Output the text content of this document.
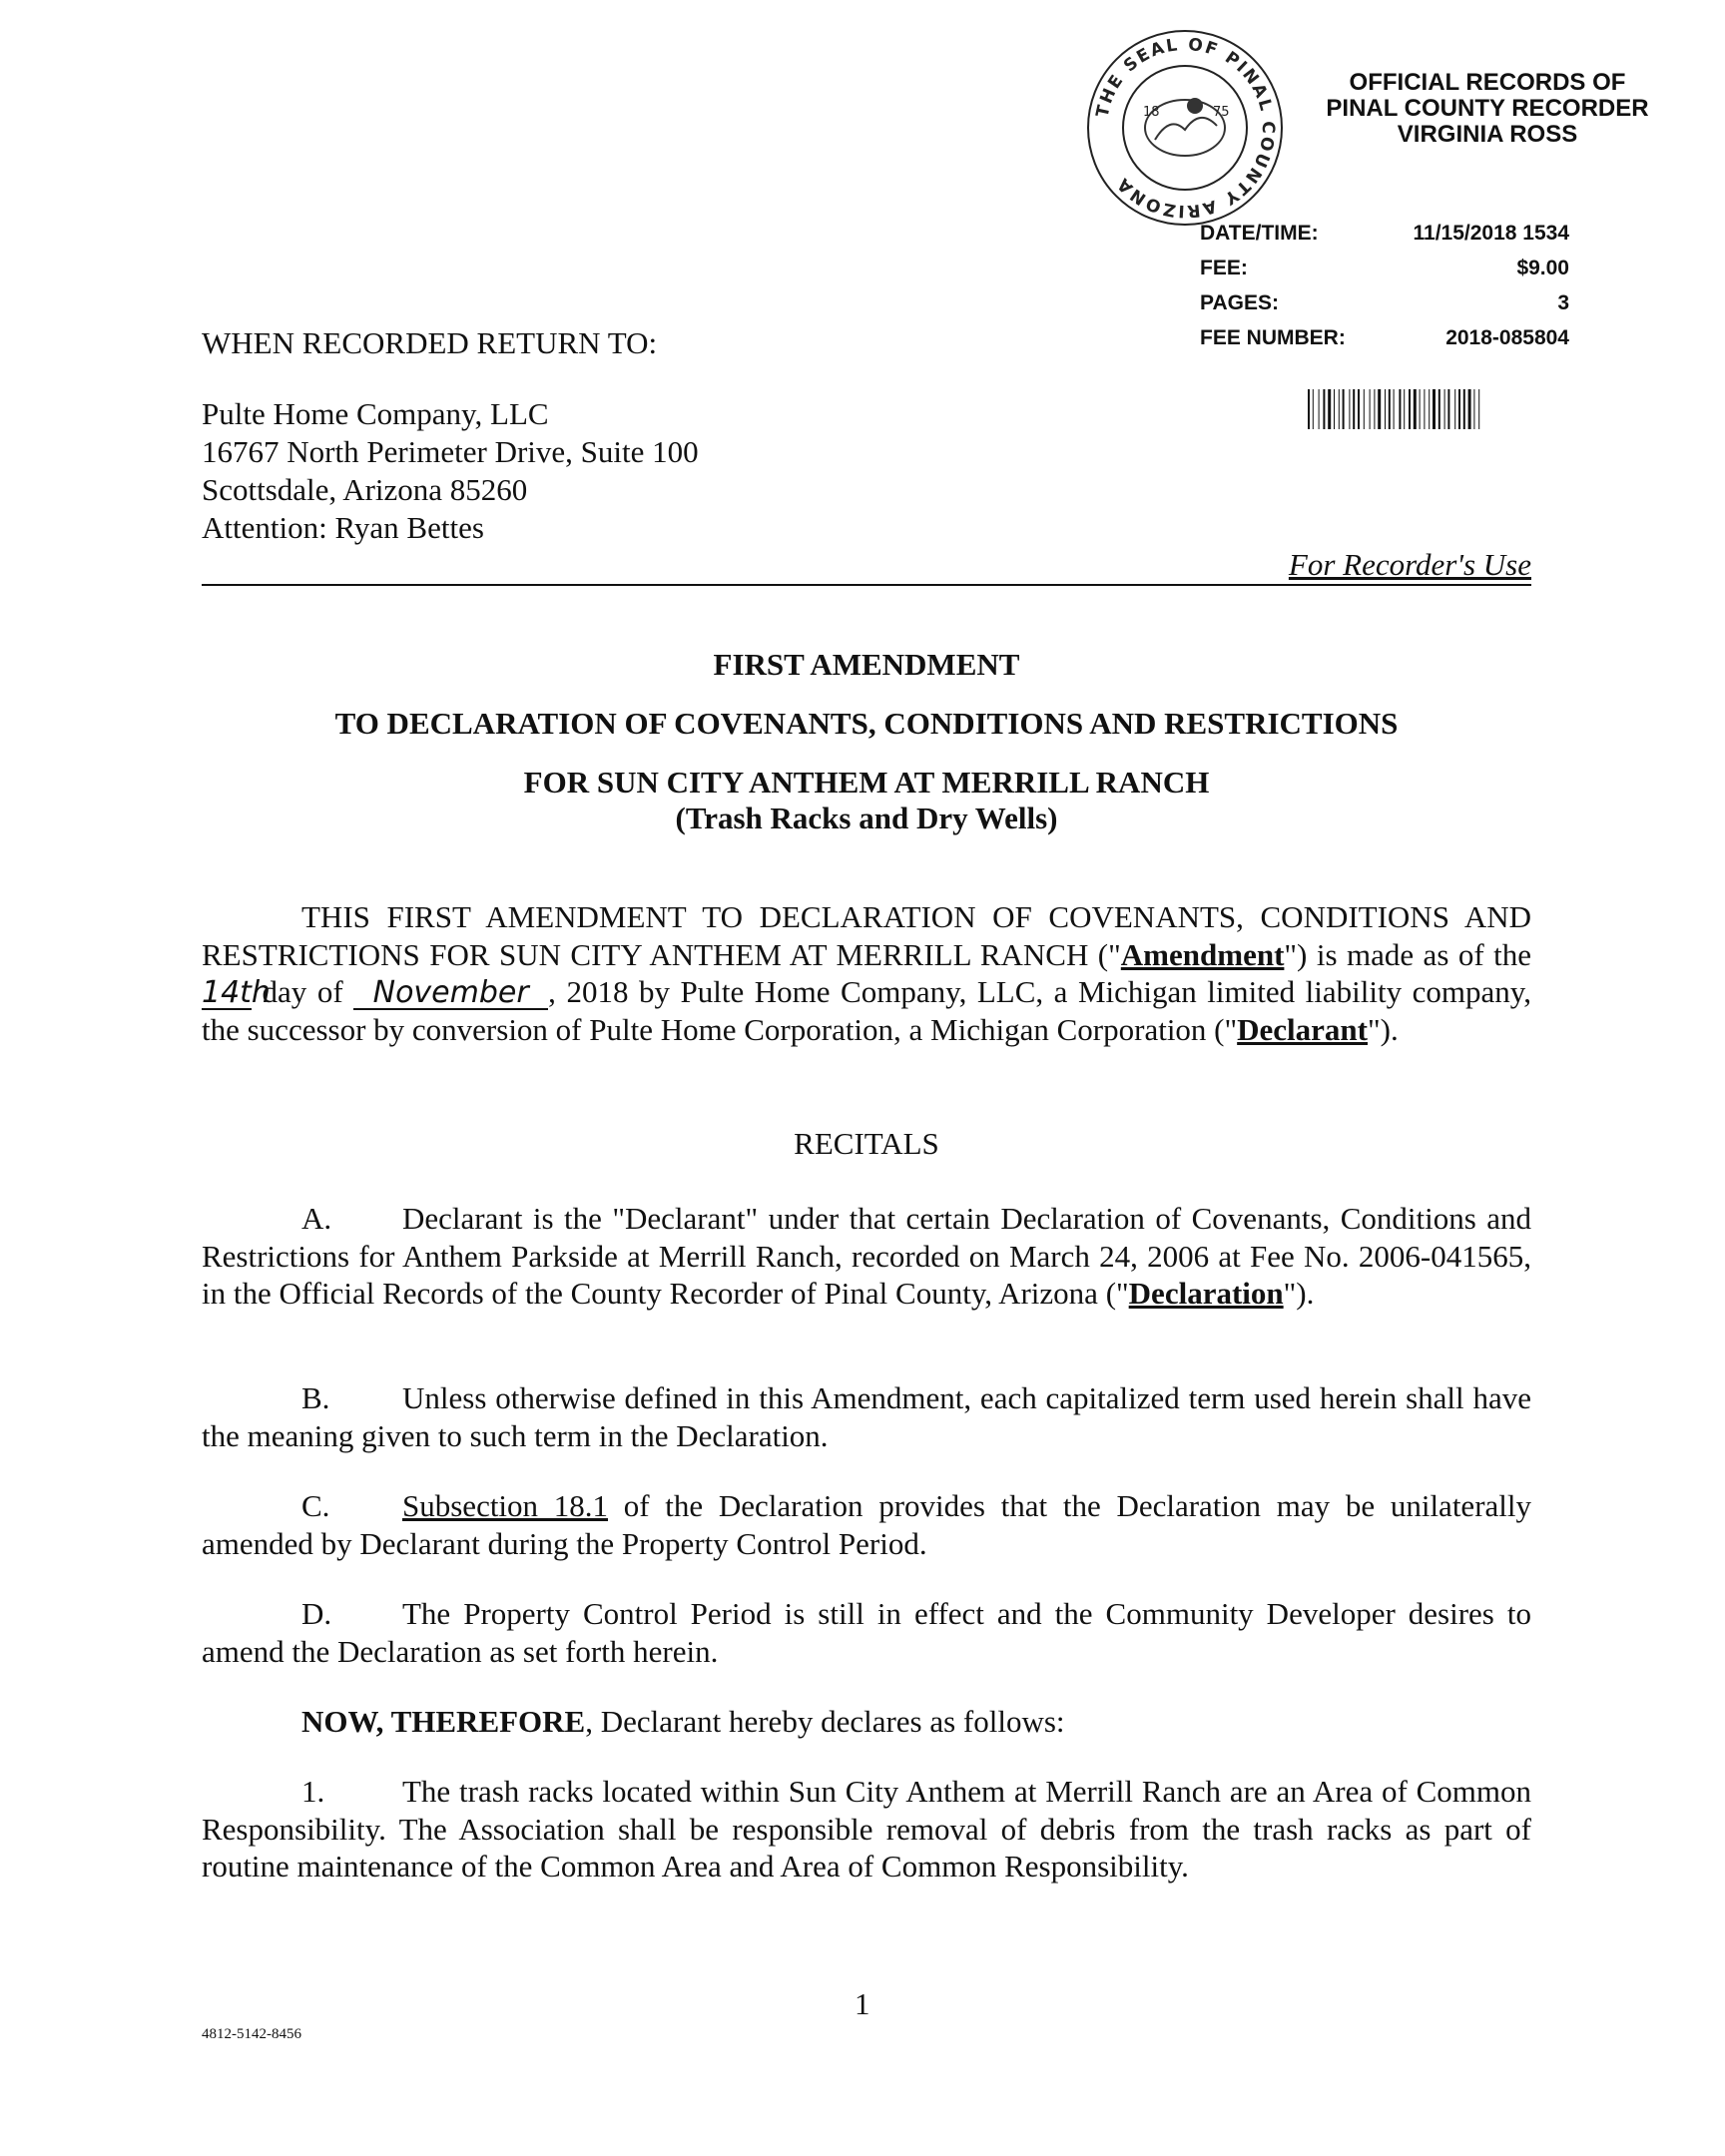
THE SEAL OF PINAL COUNTY ARIZONA
18	75
OFFICIAL RECORDS OF
PINAL COUNTY RECORDER
VIRGINIA ROSS
DATE/TIME:	11/15/2018 1534
FEE:	$9.00
PAGES:	3
FEE NUMBER:	2018-085804
WHEN RECORDED RETURN TO:
Pulte Home Company, LLC
16767 North Perimeter Drive, Suite 100
Scottsdale, Arizona 85260
Attention: Ryan Bettes
For Recorder's Use
FIRST AMENDMENT
TO DECLARATION OF COVENANTS, CONDITIONS AND RESTRICTIONS
FOR SUN CITY ANTHEM AT MERRILL RANCH
(Trash Racks and Dry Wells)
THIS FIRST AMENDMENT TO DECLARATION OF COVENANTS, CONDITIONS AND RESTRICTIONS FOR SUN CITY ANTHEM AT MERRILL RANCH ("Amendment") is made as of the 14th day of November , 2018 by Pulte Home Company, LLC, a Michigan limited liability company, the successor by conversion of Pulte Home Corporation, a Michigan Corporation ("Declarant").
RECITALS
A. Declarant is the "Declarant" under that certain Declaration of Covenants, Conditions and Restrictions for Anthem Parkside at Merrill Ranch, recorded on March 24, 2006 at Fee No. 2006-041565, in the Official Records of the County Recorder of Pinal County, Arizona ("Declaration").
B. Unless otherwise defined in this Amendment, each capitalized term used herein shall have the meaning given to such term in the Declaration.
C. Subsection 18.1 of the Declaration provides that the Declaration may be unilaterally amended by Declarant during the Property Control Period.
D. The Property Control Period is still in effect and the Community Developer desires to amend the Declaration as set forth herein.
NOW, THEREFORE, Declarant hereby declares as follows:
1.	The trash racks located within Sun City Anthem at Merrill Ranch are an Area of Common Responsibility. The Association shall be responsible removal of debris from the trash racks as part of routine maintenance of the Common Area and Area of Common Responsibility.
1
4812-5142-8456
